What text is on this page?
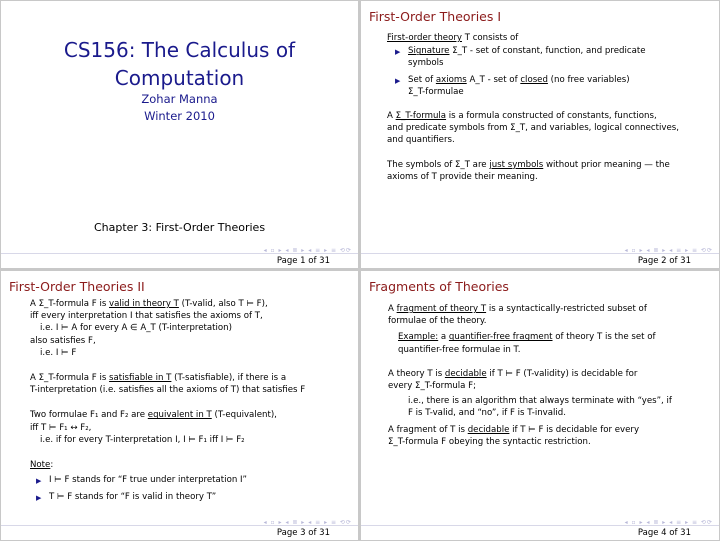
CS156: The Calculus of
Computation
Zohar Manna
Winter 2010
Chapter 3: First-Order Theories
◂ ▫ ▸ ◂ ≣ ▸ ◂ ≡ ▸ ≡ ⟲⟳
Page 1 of 31
First-Order Theories I
First-order theory T consists of
▶ Signature Σ_T - set of constant, function, and predicate
symbols
▶ Set of axioms A_T - set of closed (no free variables)
Σ_T-formulae
A Σ_T-formula is a formula constructed of constants, functions,
and predicate symbols from Σ_T, and variables, logical connectives,
and quantifiers.
The symbols of Σ_T are just symbols without prior meaning — the
axioms of T provide their meaning.
◂ ▫ ▸ ◂ ≣ ▸ ◂ ≡ ▸ ≡ ⟲⟳
Page 2 of 31
First-Order Theories II
A Σ_T-formula F is valid in theory T (T-valid, also T ⊨ F),
iff every interpretation I that satisfies the axioms of T,
i.e. I ⊨ A for every A ∈ A_T (T-interpretation)
also satisfies F,
i.e. I ⊨ F
A Σ_T-formula F is satisfiable in T (T-satisfiable), if there is a
T-interpretation (i.e. satisfies all the axioms of T) that satisfies F
Two formulae F₁ and F₂ are equivalent in T (T-equivalent),
iff T ⊨ F₁ ↔ F₂,
i.e. if for every T-interpretation I, I ⊨ F₁ iff I ⊨ F₂
Note:
▶ I ⊨ F stands for “F true under interpretation I”
▶ T ⊨ F stands for “F is valid in theory T”
◂ ▫ ▸ ◂ ≣ ▸ ◂ ≡ ▸ ≡ ⟲⟳
Page 3 of 31
Fragments of Theories
A fragment of theory T is a syntactically-restricted subset of
formulae of the theory.
Example: a quantifier-free fragment of theory T is the set of
quantifier-free formulae in T.
A theory T is decidable if T ⊨ F (T-validity) is decidable for
every Σ_T-formula F;
i.e., there is an algorithm that always terminate with “yes”, if
F is T-valid, and “no”, if F is T-invalid.
A fragment of T is decidable if T ⊨ F is decidable for every
Σ_T-formula F obeying the syntactic restriction.
◂ ▫ ▸ ◂ ≣ ▸ ◂ ≡ ▸ ≡ ⟲⟳
Page 4 of 31
